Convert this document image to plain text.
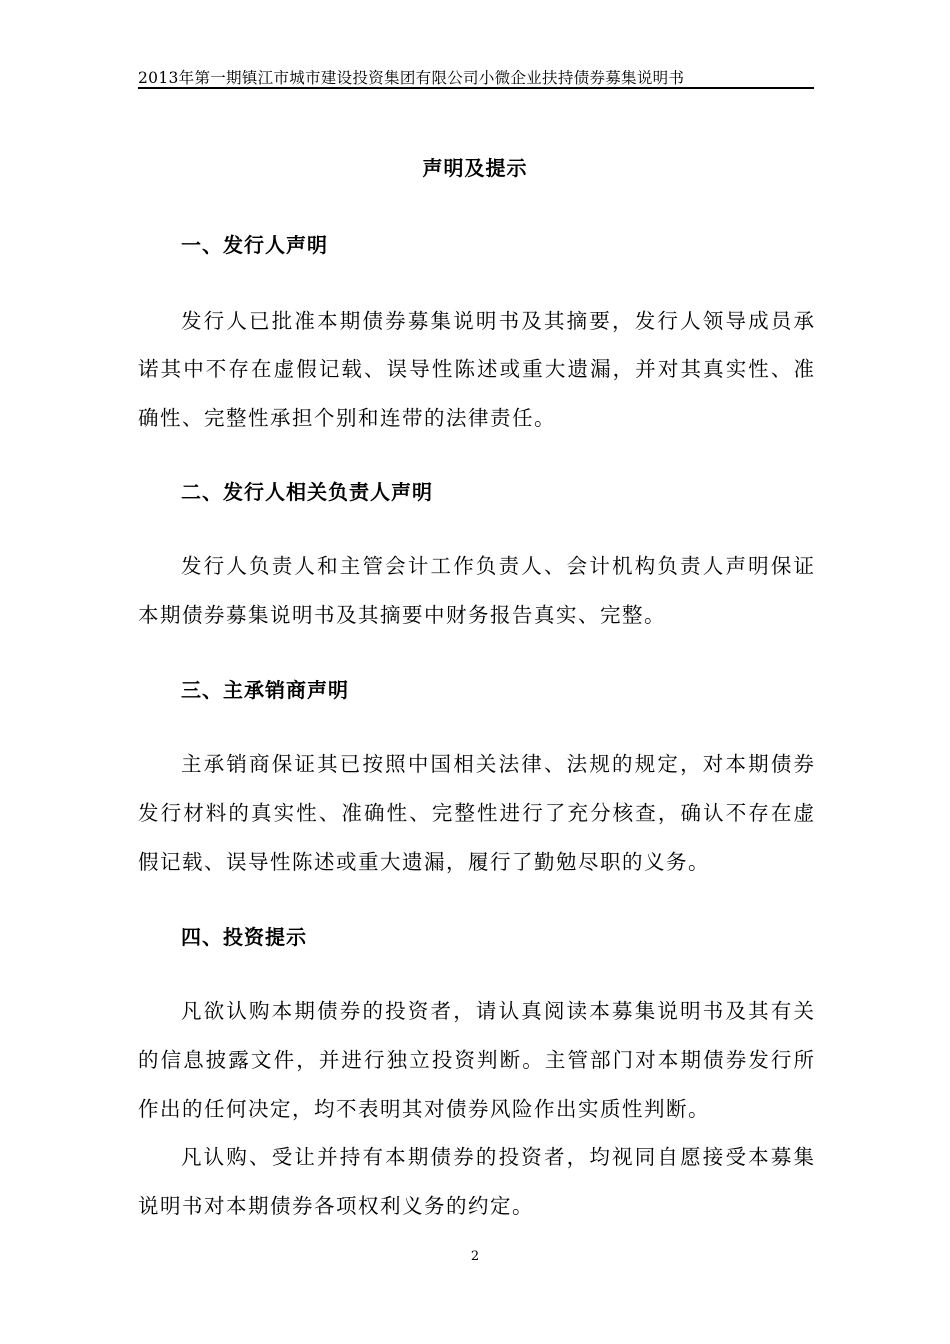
2013年第一期镇江市城市建设投资集团有限公司小微企业扶持债券募集说明书
声明及提示
一、发行人声明
发行人已批准本期债券募集说明书及其摘要，发行人领导成员承
诺其中不存在虚假记载、误导性陈述或重大遗漏，并对其真实性、准
确性、完整性承担个别和连带的法律责任。
二、发行人相关负责人声明
发行人负责人和主管会计工作负责人、会计机构负责人声明保证
本期债券募集说明书及其摘要中财务报告真实、完整。
三、主承销商声明
主承销商保证其已按照中国相关法律、法规的规定，对本期债券
发行材料的真实性、准确性、完整性进行了充分核查，确认不存在虚
假记载、误导性陈述或重大遗漏，履行了勤勉尽职的义务。
四、投资提示
凡欲认购本期债券的投资者，请认真阅读本募集说明书及其有关
的信息披露文件，并进行独立投资判断。主管部门对本期债券发行所
作出的任何决定，均不表明其对债券风险作出实质性判断。
凡认购、受让并持有本期债券的投资者，均视同自愿接受本募集
说明书对本期债券各项权利义务的约定。
2
